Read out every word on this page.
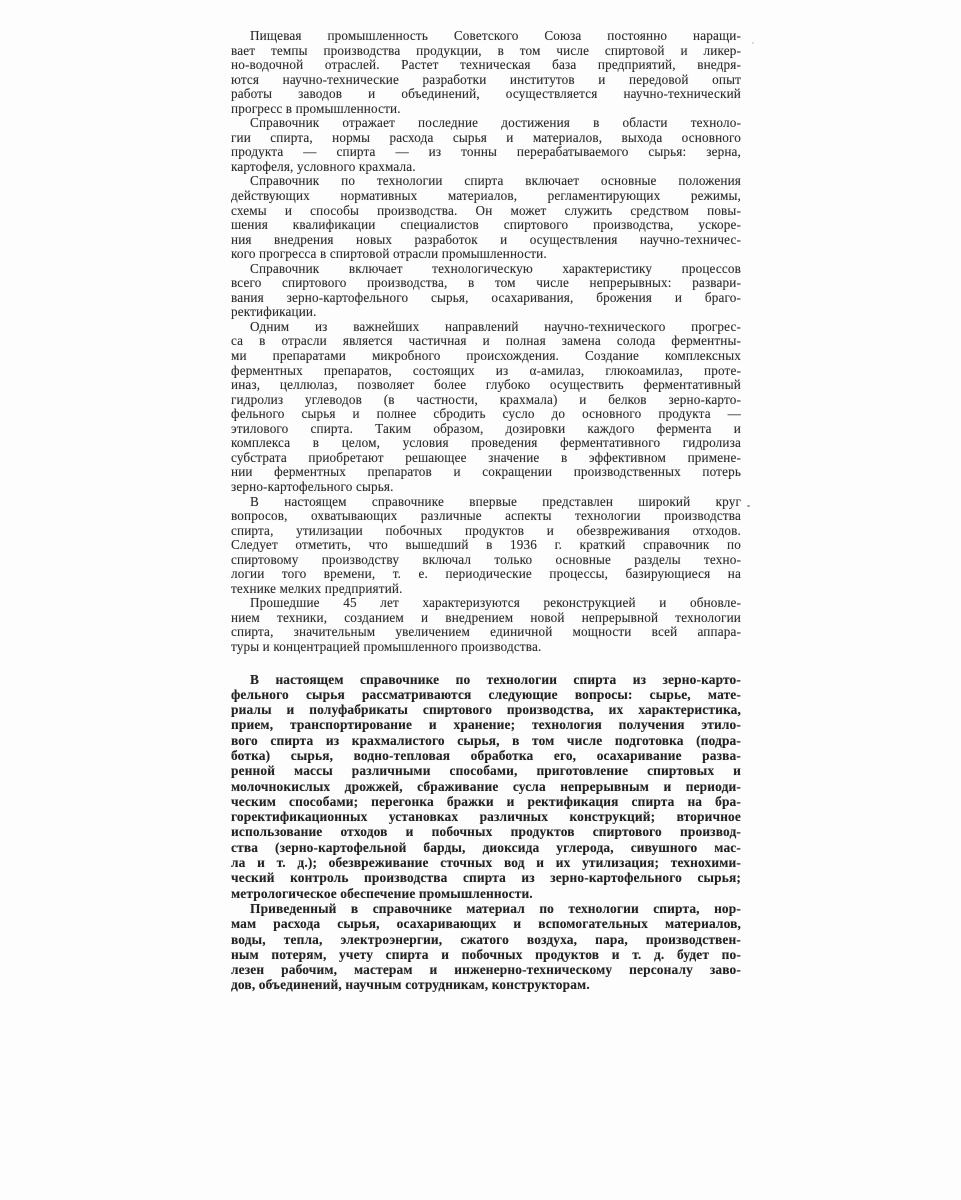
Пищевая промышленность Советского Союза постоянно наращи-
вает темпы производства продукции, в том числе спиртовой и ликер-
но-водочной отраслей. Растет техническая база предприятий, внедря-
ются научно-технические разработки институтов и передовой опыт
работы заводов и объединений, осуществляется научно-технический
прогресс в промышленности.
Справочник отражает последние достижения в области техноло-
гии спирта, нормы расхода сырья и материалов, выхода основного
продукта — спирта — из тонны перерабатываемого сырья: зерна,
картофеля, условного крахмала.
Справочник по технологии спирта включает основные положения
действующих нормативных материалов, регламентирующих режимы,
схемы и способы производства. Он может служить средством повы-
шения квалификации специалистов спиртового производства, ускоре-
ния внедрения новых разработок и осуществления научно-техничес-
кого прогресса в спиртовой отрасли промышленности.
Справочник включает технологическую характеристику процессов
всего спиртового производства, в том числе непрерывных: развари-
вания зерно-картофельного сырья, осахаривания, брожения и браго-
ректификации.
Одним из важнейших направлений научно-технического прогрес-
са в отрасли является частичная и полная замена солода ферментны-
ми препаратами микробного происхождения. Создание комплексных
ферментных препаратов, состоящих из α-амилаз, глюкоамилаз, проте-
иназ, целлюлаз, позволяет более глубоко осуществить ферментативный
гидролиз углеводов (в частности, крахмала) и белков зерно-карто-
фельного сырья и полнее сбродить сусло до основного продукта —
этилового спирта. Таким образом, дозировки каждого фермента и
комплекса в целом, условия проведения ферментативного гидролиза
субстрата приобретают решающее значение в эффективном примене-
нии ферментных препаратов и сокращении производственных потерь
зерно-картофельного сырья.
В настоящем справочнике впервые представлен широкий круг
вопросов, охватывающих различные аспекты технологии производства
спирта, утилизации побочных продуктов и обезвреживания отходов.
Следует отметить, что вышедший в 1936 г. краткий справочник по
спиртовому производству включал только основные разделы техно-
логии того времени, т. е. периодические процессы, базирующиеся на
технике мелких предприятий.
Прошедшие 45 лет характеризуются реконструкцией и обновле-
нием техники, созданием и внедрением новой непрерывной технологии
спирта, значительным увеличением единичной мощности всей аппара-
туры и концентрацией промышленного производства.
В настоящем справочнике по технологии спирта из зерно-карто-
фельного сырья рассматриваются следующие вопросы: сырье, мате-
риалы и полуфабрикаты спиртового производства, их характеристика,
прием, транспортирование и хранение; технология получения этило-
вого спирта из крахмалистого сырья, в том числе подготовка (подра-
ботка) сырья, водно-тепловая обработка его, осахаривание разва-
ренной массы различными способами, приготовление спиртовых и
молочнокислых дрожжей, сбраживание сусла непрерывным и периоди-
ческим способами; перегонка бражки и ректификация спирта на бра-
горектификационных установках различных конструкций; вторичное
использование отходов и побочных продуктов спиртового производ-
ства (зерно-картофельной барды, диоксида углерода, сивушного мас-
ла и т. д.); обезвреживание сточных вод и их утилизация; технохими-
ческий контроль производства спирта из зерно-картофельного сырья;
метрологическое обеспечение промышленности.
Приведенный в справочнике материал по технологии спирта, нор-
мам расхода сырья, осахаривающих и вспомогательных материалов,
воды, тепла, электроэнергии, сжатого воздуха, пара, производствен-
ным потерям, учету спирта и побочных продуктов и т. д. будет по-
лезен рабочим, мастерам и инженерно-техническому персоналу заво-
дов, объединений, научным сотрудникам, конструкторам.
